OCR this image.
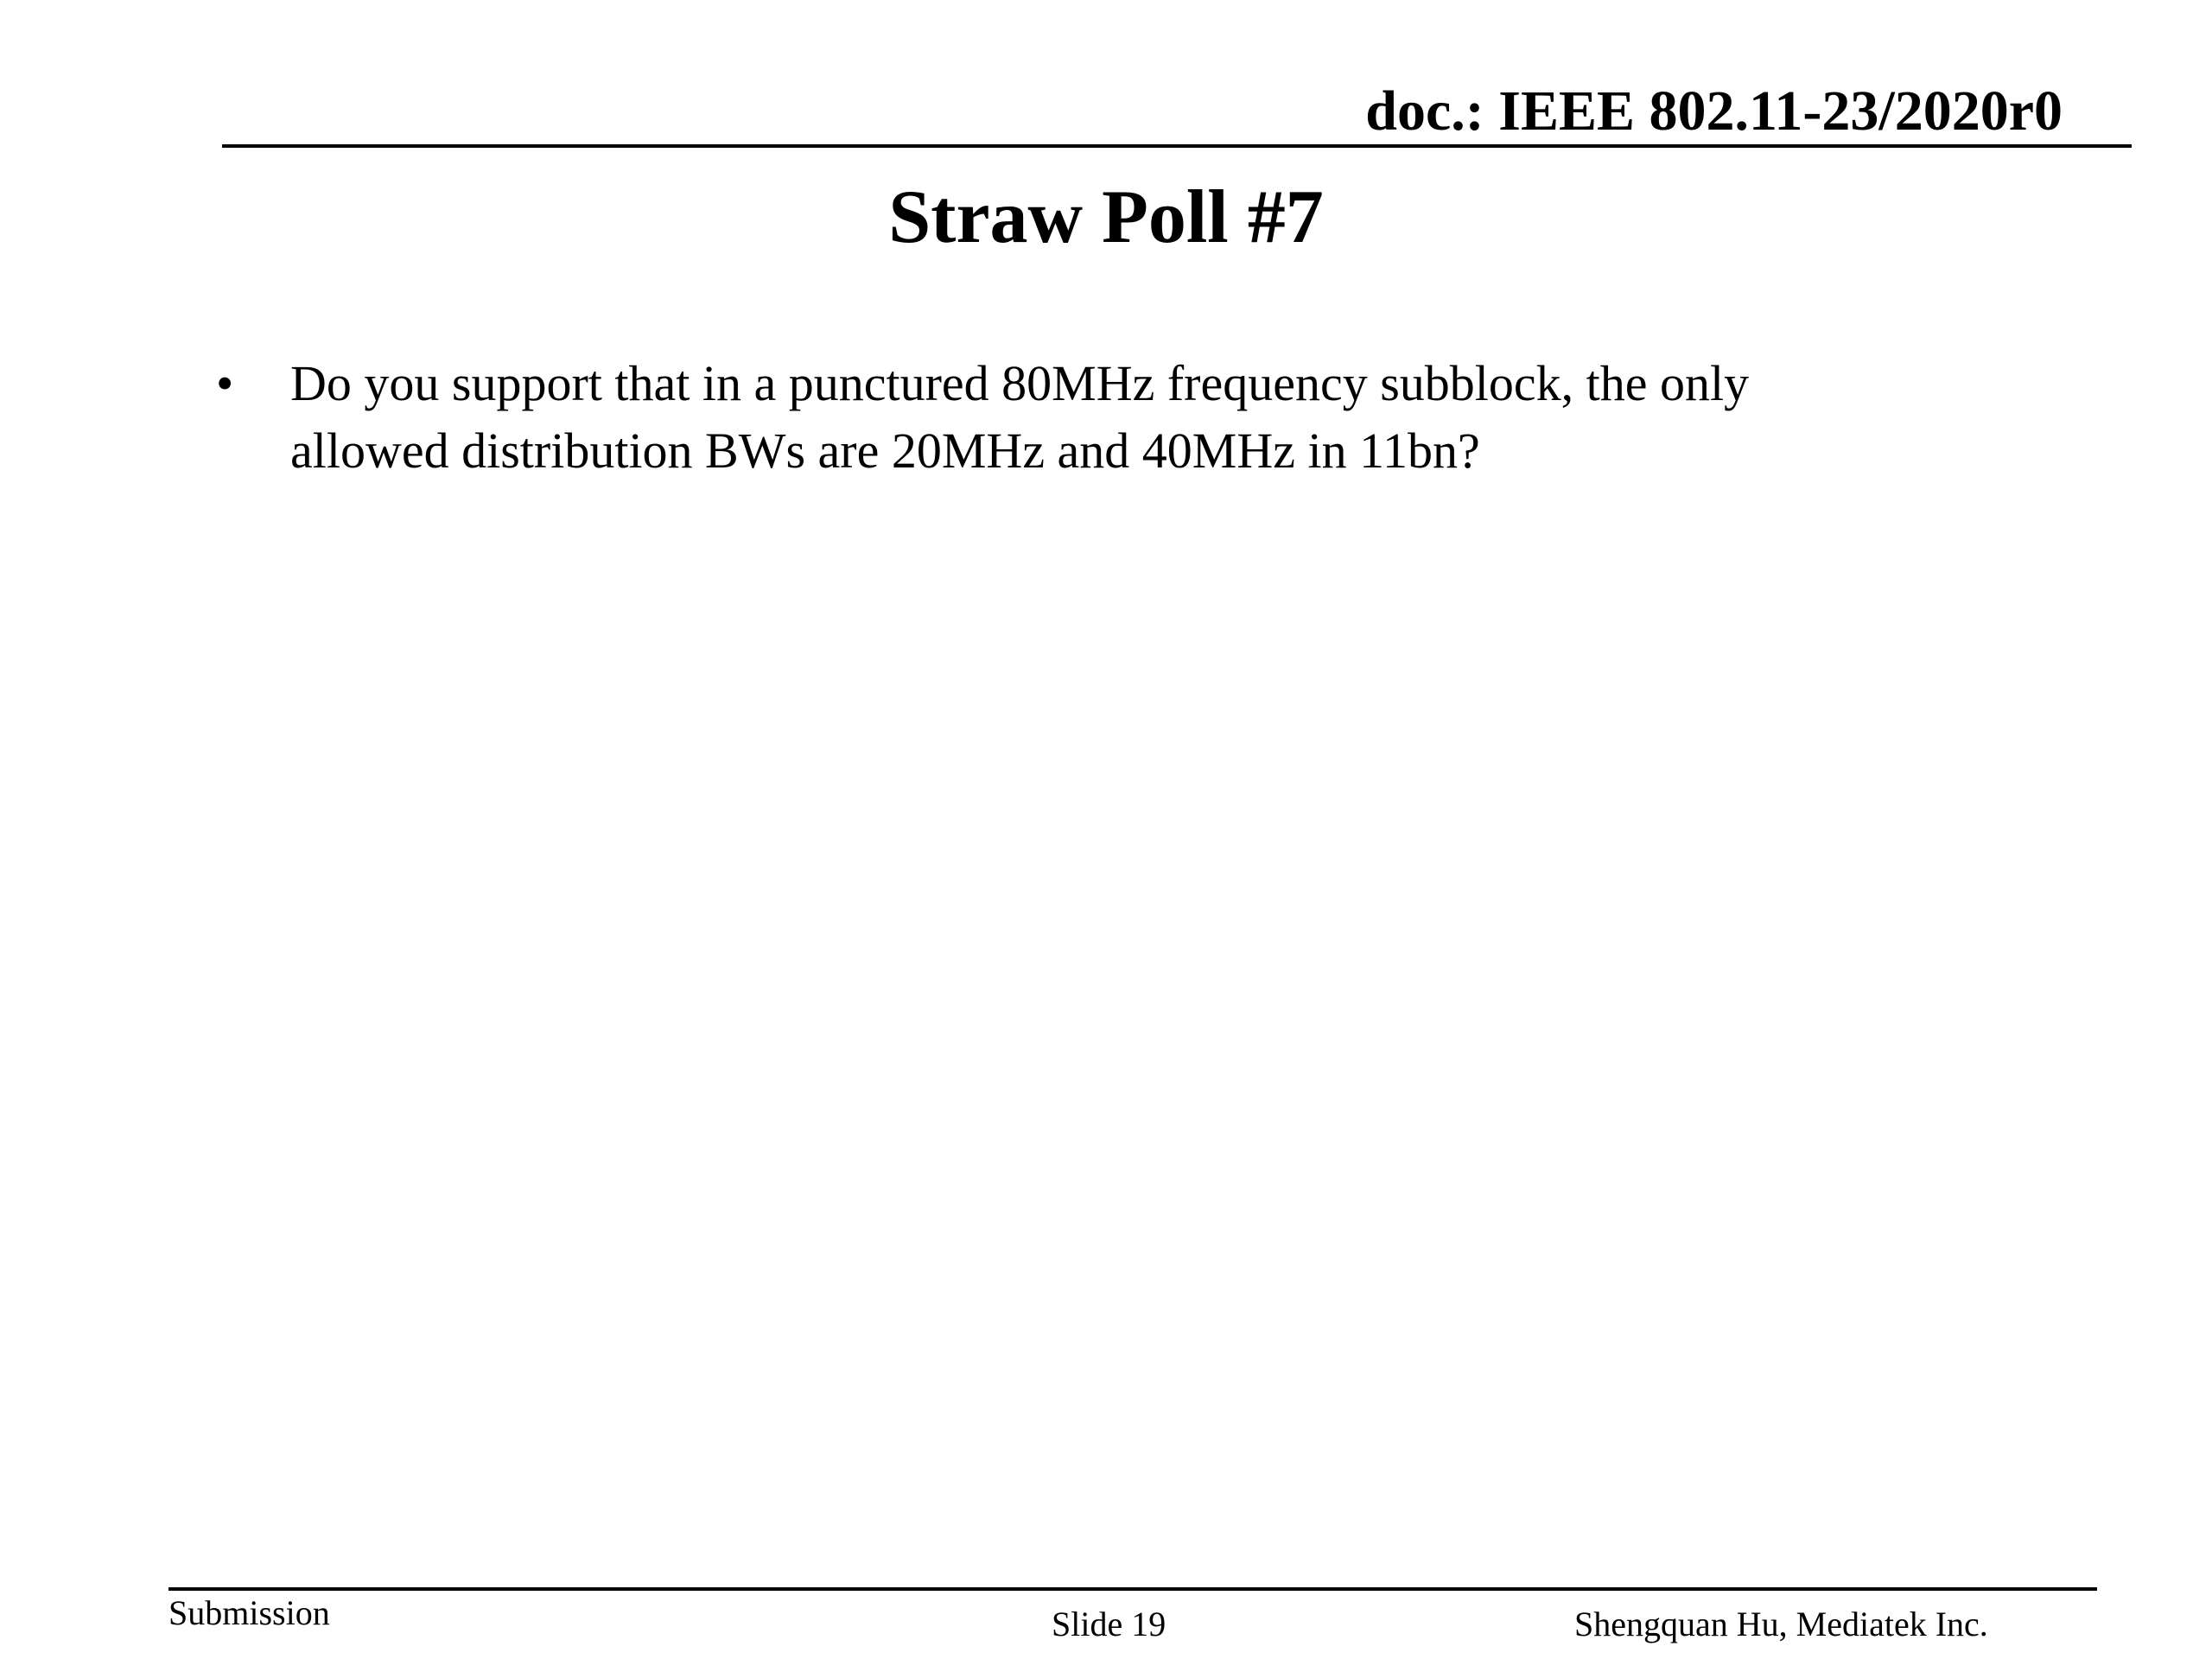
doc.: IEEE 802.11-23/2020r0
Straw Poll #7
• Do you support that in a punctured 80MHz frequency subblock, the only
allowed distribution BWs are 20MHz and 40MHz in 11bn?
Submission	Slide 19	Shengquan Hu, Mediatek Inc.
